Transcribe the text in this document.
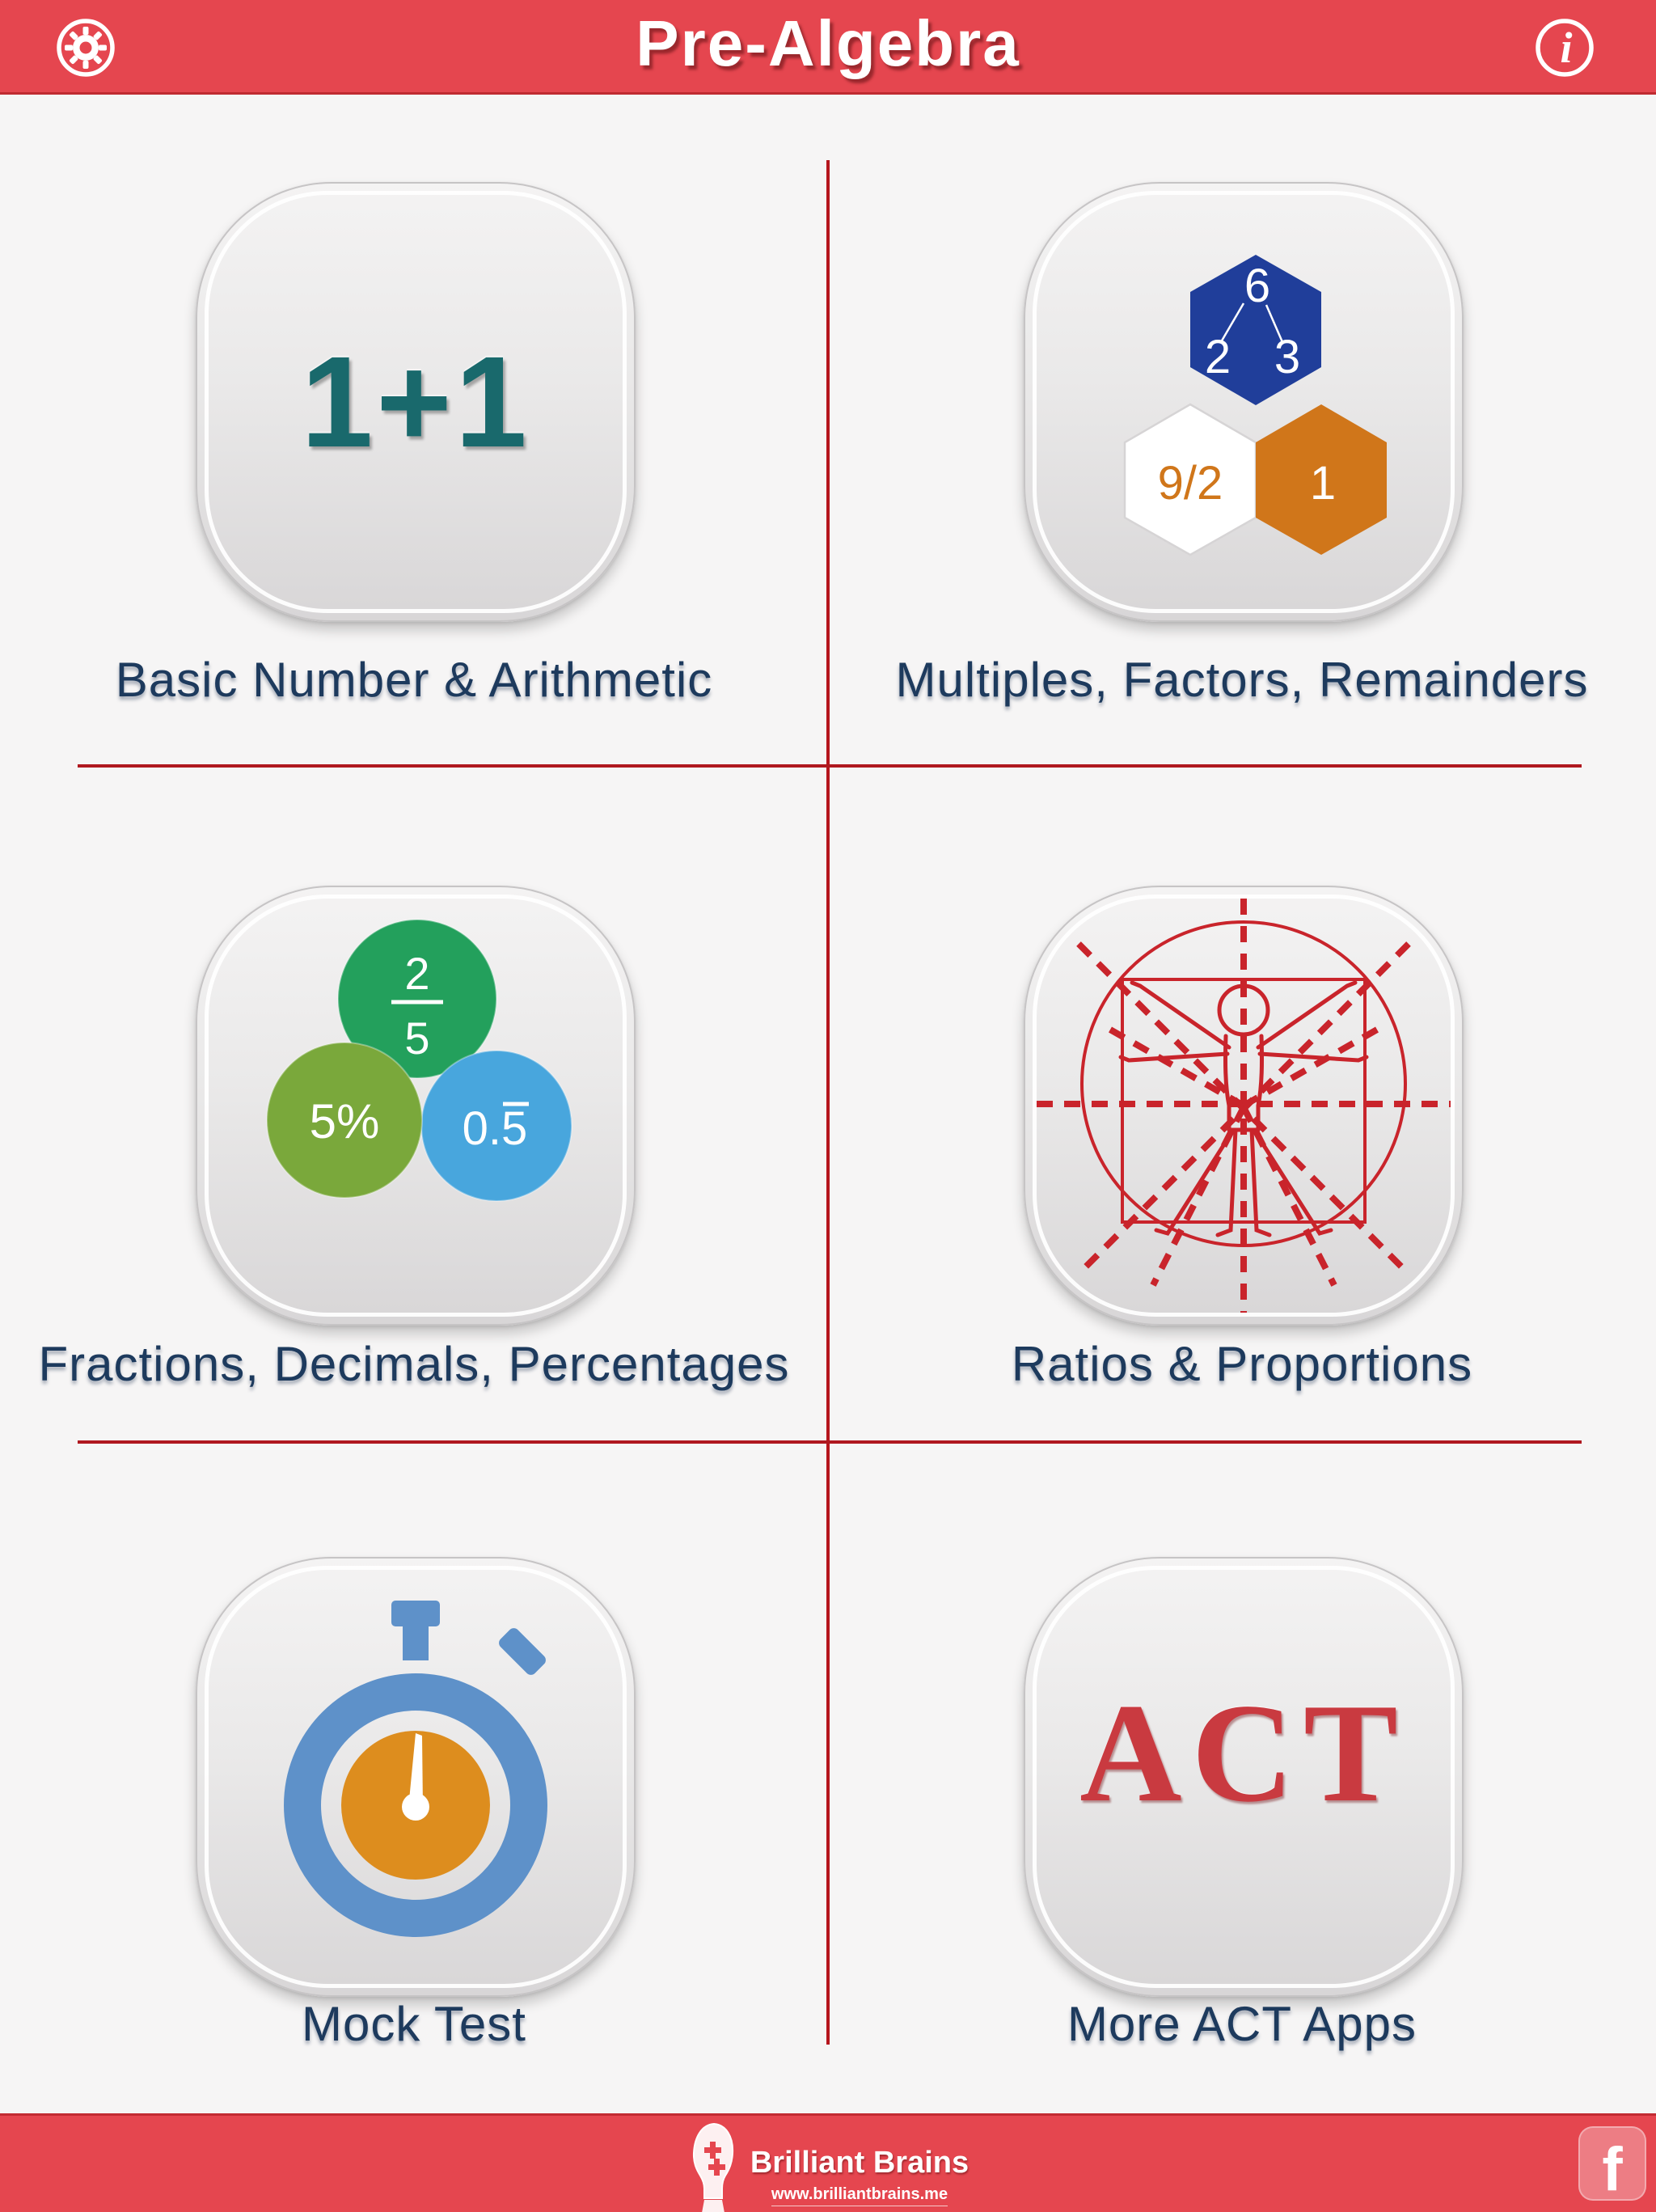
Pre-Algebra	i
1+1
Basic Number & Arithmetic
6
2 3
9/2 1
Multiples, Factors, Remainders
2
5
0. 5
5%
Fractions, Decimals, Percentages	Ratios & Proportions
Mock Test
ACT
More ACT Apps
Brilliant Brains
www.brilliantbrains.me	f
